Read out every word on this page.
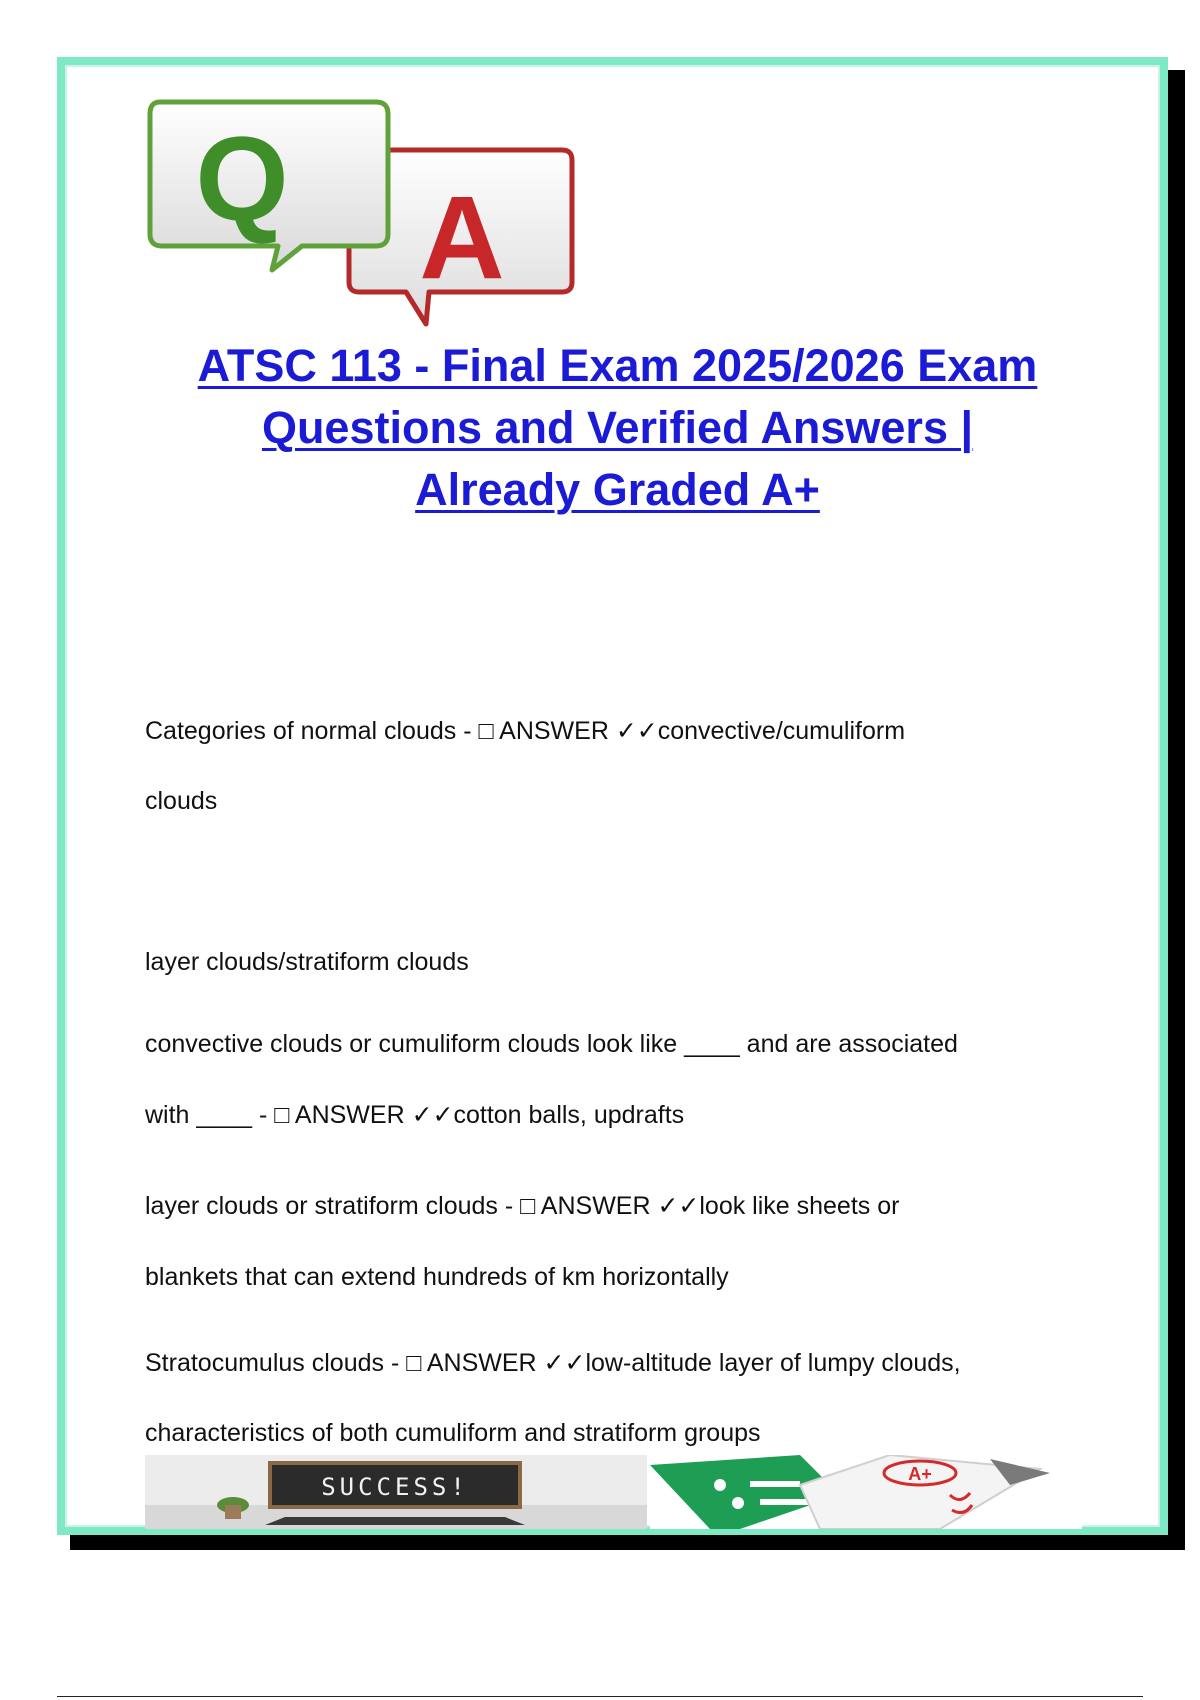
Q A
ATSC 113 - Final Exam 2025/2026 Exam
Questions and Verified Answers |
Already Graded A+

Categories of normal clouds - □ ANSWER ✓✓convective/cumuliform

clouds

layer clouds/stratiform clouds

convective clouds or cumuliform clouds look like ____ and are associated

with ____ - □ ANSWER ✓✓cotton balls, updrafts

layer clouds or stratiform clouds - □ ANSWER ✓✓look like sheets or

blankets that can extend hundreds of km horizontally

Stratocumulus clouds - □ ANSWER ✓✓low-altitude layer of lumpy clouds,

characteristics of both cumuliform and stratiform groups

SUCCESS!	A+
